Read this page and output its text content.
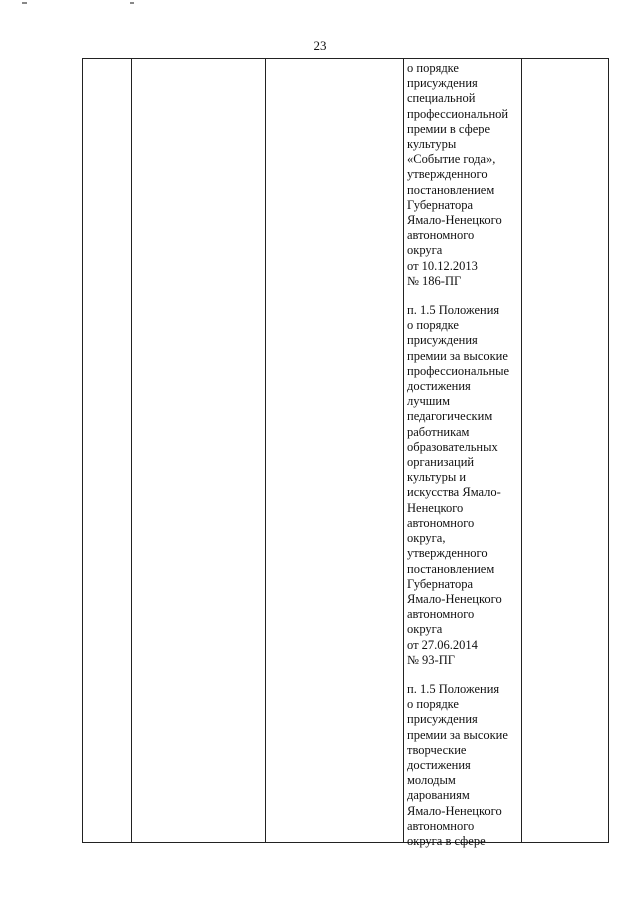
23
о порядке
присуждения
специальной
профессиональной
премии в сфере
культуры
«Событие года»,
утвержденного
постановлением
Губернатора
Ямало-Ненецкого
автономного
округа
от 10.12.2013
№ 186-ПГ
п. 1.5 Положения
о порядке
присуждения
премии за высокие
профессиональные
достижения
лучшим
педагогическим
работникам
образовательных
организаций
культуры и
искусства Ямало-
Ненецкого
автономного
округа,
утвержденного
постановлением
Губернатора
Ямало-Ненецкого
автономного
округа
от 27.06.2014
№ 93-ПГ
п. 1.5 Положения
о порядке
присуждения
премии за высокие
творческие
достижения
молодым
дарованиям
Ямало-Ненецкого
автономного
округа в сфере
